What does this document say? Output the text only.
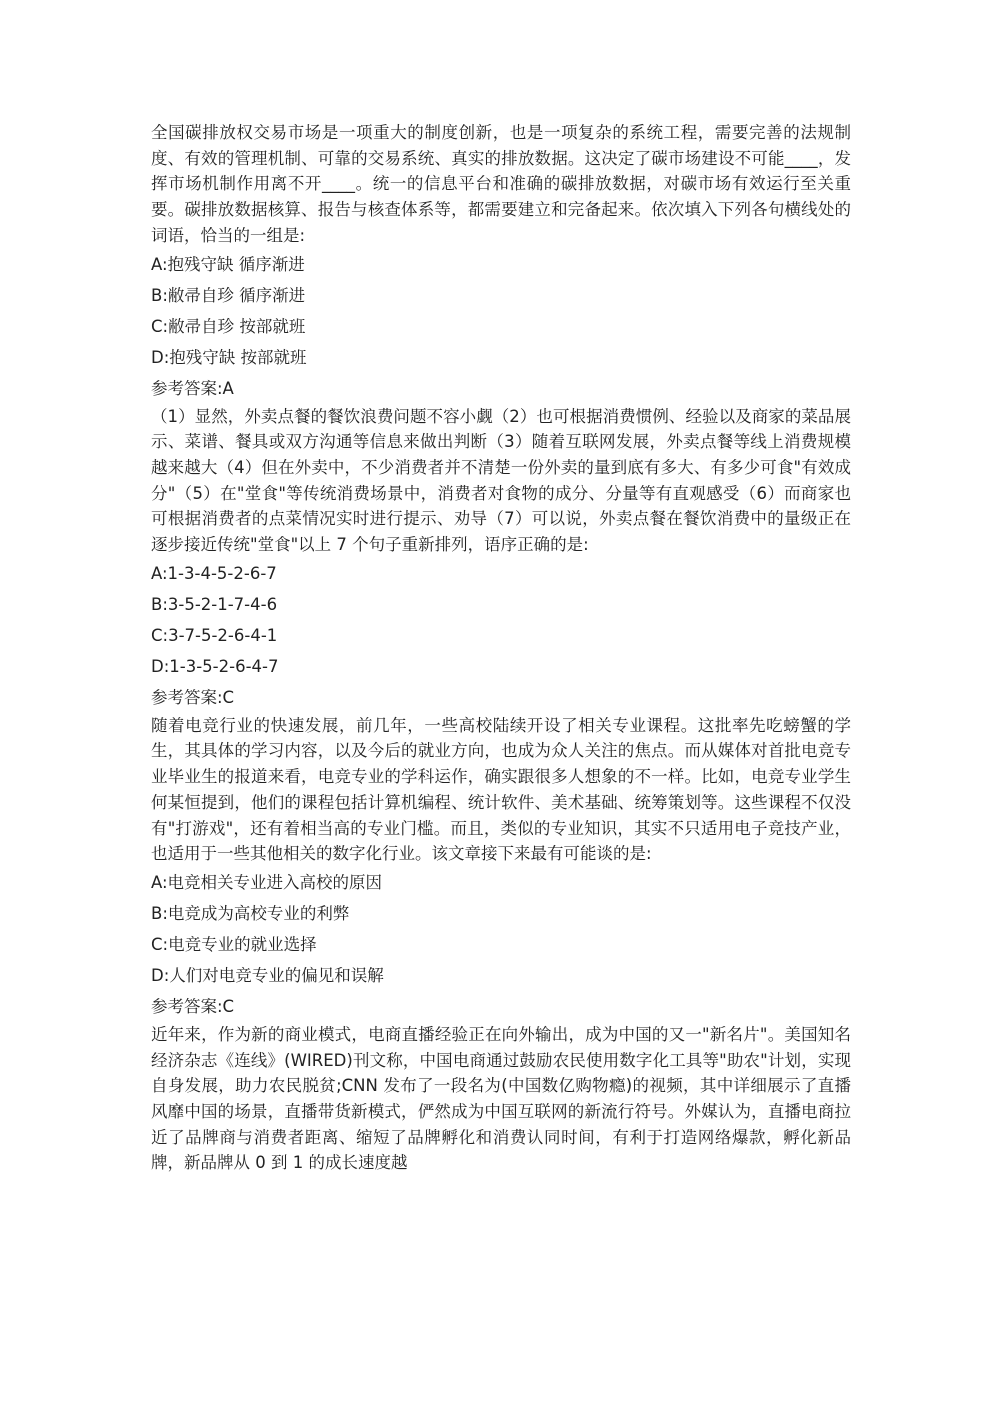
全国碳排放权交易市场是一项重大的制度创新，也是一项复杂的系统工程，需要完善的法规制度、有效的管理机制、可靠的交易系统、真实的排放数据。这决定了碳市场建设不可能____，发挥市场机制作用离不开____。统一的信息平台和准确的碳排放数据，对碳市场有效运行至关重要。碳排放数据核算、报告与核查体系等，都需要建立和完备起来。依次填入下列各句横线处的词语，恰当的一组是:

A:抱残守缺 循序渐进

B:敝帚自珍 循序渐进

C:敝帚自珍 按部就班

D:抱残守缺 按部就班

参考答案:A

（1）显然，外卖点餐的餐饮浪费问题不容小觑（2）也可根据消费惯例、经验以及商家的菜品展示、菜谱、餐具或双方沟通等信息来做出判断（3）随着互联网发展，外卖点餐等线上消费规模越来越大（4）但在外卖中，不少消费者并不清楚一份外卖的量到底有多大、有多少可食"有效成分"（5）在"堂食"等传统消费场景中，消费者对食物的成分、分量等有直观感受（6）而商家也可根据消费者的点菜情况实时进行提示、劝导（7）可以说，外卖点餐在餐饮消费中的量级正在逐步接近传统"堂食"以上 7 个句子重新排列，语序正确的是:

A:1-3-4-5-2-6-7

B:3-5-2-1-7-4-6

C:3-7-5-2-6-4-1

D:1-3-5-2-6-4-7

参考答案:C

随着电竞行业的快速发展，前几年，一些高校陆续开设了相关专业课程。这批率先吃螃蟹的学生，其具体的学习内容，以及今后的就业方向，也成为众人关注的焦点。而从媒体对首批电竞专业毕业生的报道来看，电竞专业的学科运作，确实跟很多人想象的不一样。比如，电竞专业学生何某恒提到，他们的课程包括计算机编程、统计软件、美术基础、统筹策划等。这些课程不仅没有"打游戏"，还有着相当高的专业门槛。而且，类似的专业知识，其实不只适用电子竞技产业，也适用于一些其他相关的数字化行业。该文章接下来最有可能谈的是:

A:电竞相关专业进入高校的原因

B:电竞成为高校专业的利弊

C:电竞专业的就业选择

D:人们对电竞专业的偏见和误解

参考答案:C

近年来，作为新的商业模式，电商直播经验正在向外输出，成为中国的又一"新名片"。美国知名经济杂志《连线》(WIRED)刊文称，中国电商通过鼓励农民使用数字化工具等"助农"计划，实现自身发展，助力农民脱贫;CNN 发布了一段名为(中国数亿购物瘾)的视频，其中详细展示了直播风靡中国的场景，直播带货新模式，俨然成为中国互联网的新流行符号。外媒认为，直播电商拉近了品牌商与消费者距离、缩短了品牌孵化和消费认同时间，有利于打造网络爆款，孵化新品牌，新品牌从 0 到 1 的成长速度越
